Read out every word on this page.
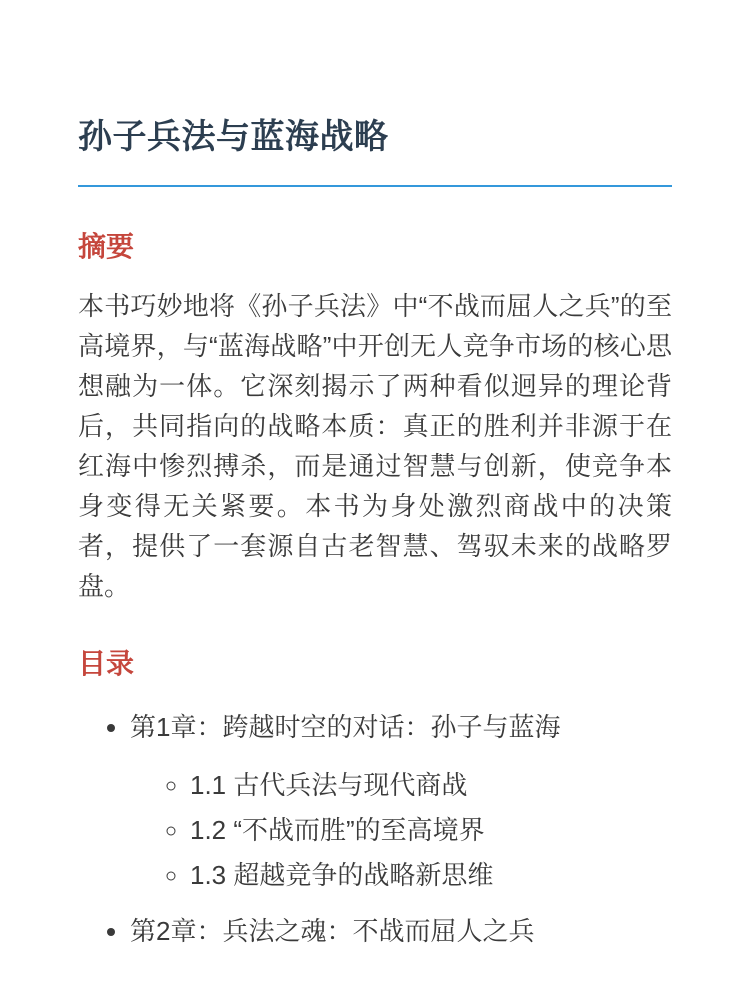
孙子兵法与蓝海战略
摘要

本书巧妙地将《孙子兵法》中“不战而屈人之兵”的至高境界，与“蓝海战略”中开创无人竞争市场的核心思想融为一体。它深刻揭示了两种看似迥异的理论背后，共同指向的战略本质：真正的胜利并非源于在红海中惨烈搏杀，而是通过智慧与创新，使竞争本身变得无关紧要。本书为身处激烈商战中的决策者，提供了一套源自古老智慧、驾驭未来的战略罗盘。

目录
• 第1章：跨越时空的对话：孙子与蓝海
◦ 1.1 古代兵法与现代商战
◦ 1.2 “不战而胜”的至高境界
◦ 1.3 超越竞争的战略新思维
• 第2章：兵法之魂：不战而屈人之兵
